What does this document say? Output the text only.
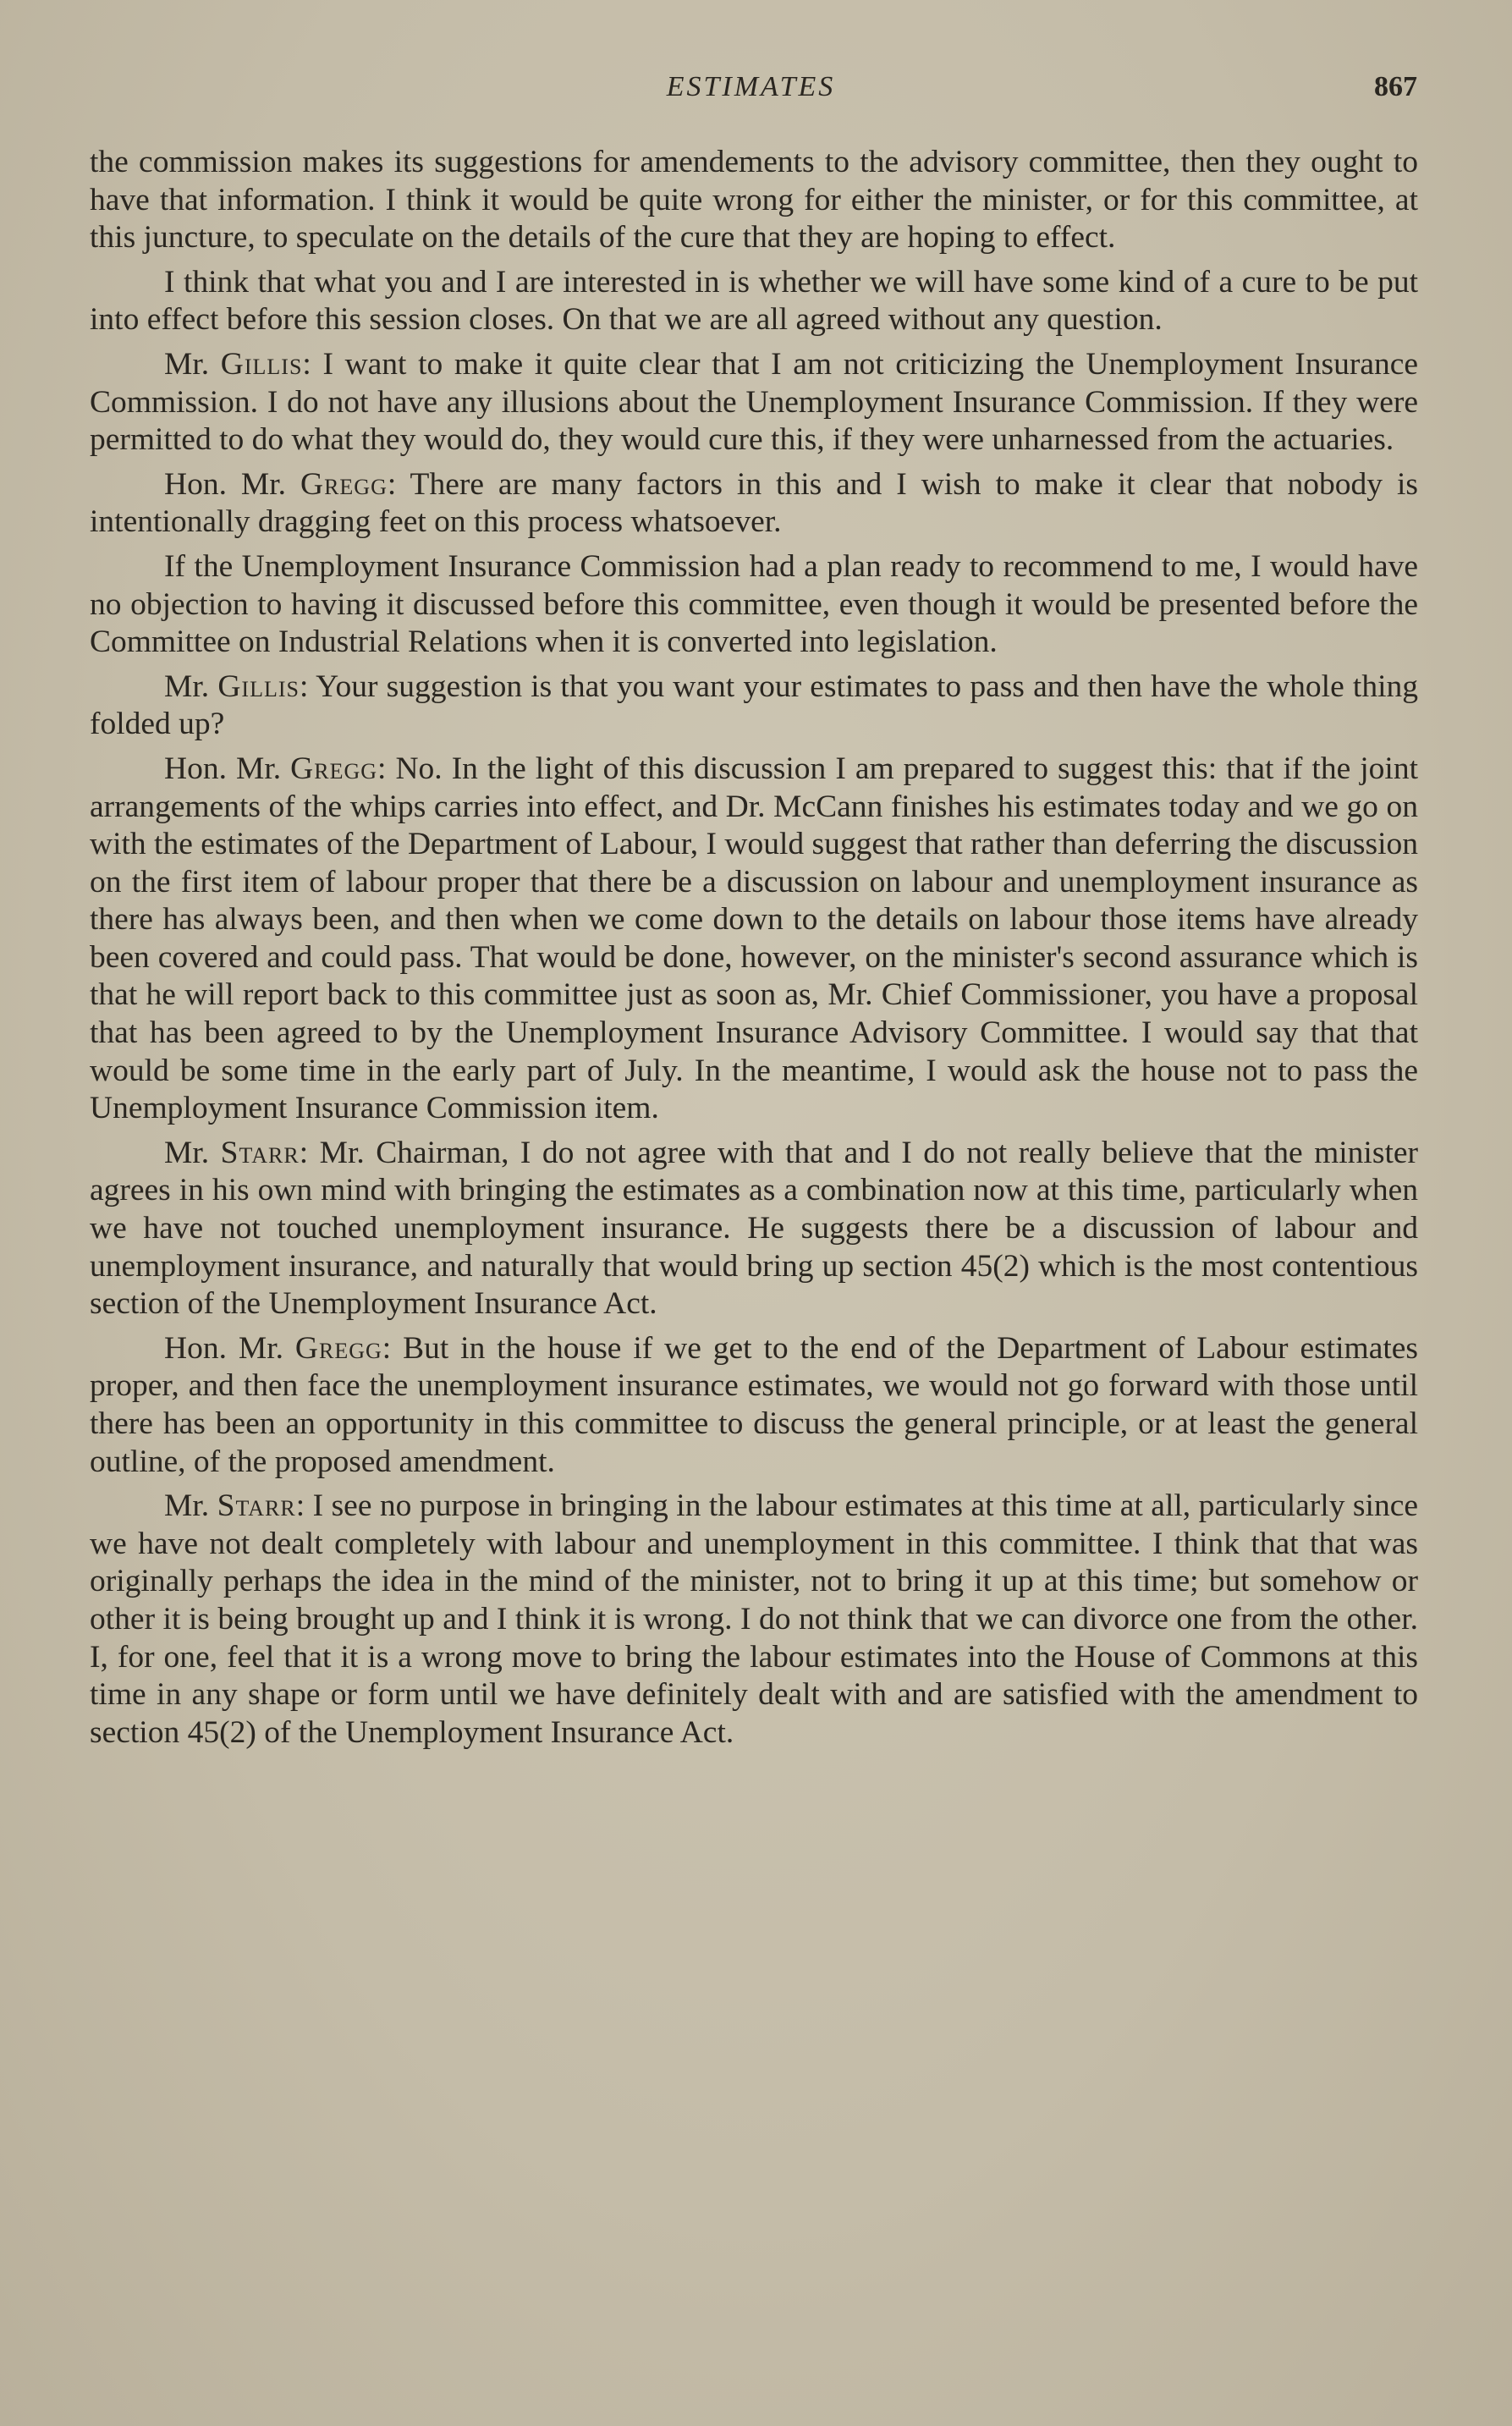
ESTIMATES	867

the commission makes its suggestions for amendements to the advisory committee, then they ought to have that information. I think it would be quite wrong for either the minister, or for this committee, at this juncture, to speculate on the details of the cure that they are hoping to effect.

I think that what you and I are interested in is whether we will have some kind of a cure to be put into effect before this session closes. On that we are all agreed without any question.

Mr. Gillis: I want to make it quite clear that I am not criticizing the Unemployment Insurance Commission. I do not have any illusions about the Unemployment Insurance Commission. If they were permitted to do what they would do, they would cure this, if they were unharnessed from the actuaries.

Hon. Mr. Gregg: There are many factors in this and I wish to make it clear that nobody is intentionally dragging feet on this process whatsoever.

If the Unemployment Insurance Commission had a plan ready to recommend to me, I would have no objection to having it discussed before this committee, even though it would be presented before the Committee on Industrial Relations when it is converted into legislation.

Mr. Gillis: Your suggestion is that you want your estimates to pass and then have the whole thing folded up?

Hon. Mr. Gregg: No. In the light of this discussion I am prepared to suggest this: that if the joint arrangements of the whips carries into effect, and Dr. McCann finishes his estimates today and we go on with the estimates of the Department of Labour, I would suggest that rather than deferring the discussion on the first item of labour proper that there be a discussion on labour and unemployment insurance as there has always been, and then when we come down to the details on labour those items have already been covered and could pass. That would be done, however, on the minister's second assurance which is that he will report back to this committee just as soon as, Mr. Chief Commissioner, you have a proposal that has been agreed to by the Unemployment Insurance Advisory Committee. I would say that that would be some time in the early part of July. In the meantime, I would ask the house not to pass the Unemployment Insurance Commission item.

Mr. Starr: Mr. Chairman, I do not agree with that and I do not really believe that the minister agrees in his own mind with bringing the estimates as a combination now at this time, particularly when we have not touched unemployment insurance. He suggests there be a discussion of labour and unemployment insurance, and naturally that would bring up section 45(2) which is the most contentious section of the Unemployment Insurance Act.

Hon. Mr. Gregg: But in the house if we get to the end of the Department of Labour estimates proper, and then face the unemployment insurance estimates, we would not go forward with those until there has been an opportunity in this committee to discuss the general principle, or at least the general outline, of the proposed amendment.

Mr. Starr: I see no purpose in bringing in the labour estimates at this time at all, particularly since we have not dealt completely with labour and unemployment in this committee. I think that that was originally perhaps the idea in the mind of the minister, not to bring it up at this time; but somehow or other it is being brought up and I think it is wrong. I do not think that we can divorce one from the other. I, for one, feel that it is a wrong move to bring the labour estimates into the House of Commons at this time in any shape or form until we have definitely dealt with and are satisfied with the amendment to section 45(2) of the Unemployment Insurance Act.
